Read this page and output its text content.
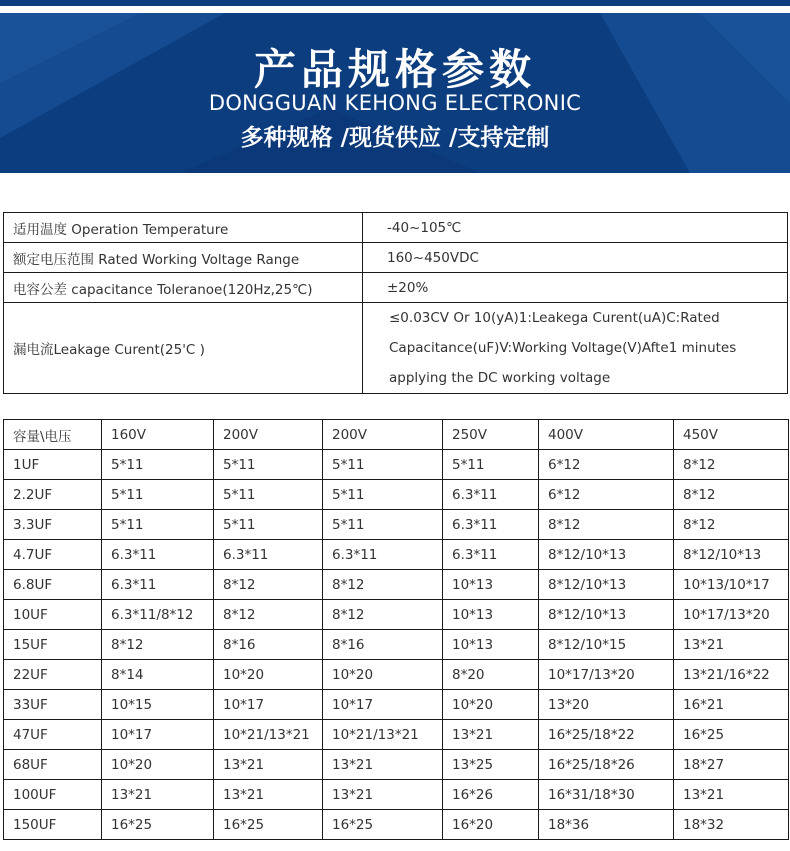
产品规格参数
DONGGUAN KEHONG ELECTRONIC
多种规格 /现货供应 /支持定制
适用温度 Operation Temperature	-40~105℃
额定电压范围 Rated Working Voltage Range	160~450VDC
电容公差 capacitance Toleranoe(120Hz,25℃)	±20%
漏电流Leakage Curent(25'C )	≤0.03CV Or 10(yA)1:Leakega Curent(uA)C:Rated Capacitance(uF)V:Working Voltage(V)Afte1 minutes applying the DC working voltage
容量\电压	160V	200V	200V	250V	400V	450V
1UF	5*11	5*11	5*11	5*11	6*12	8*12
2.2UF	5*11	5*11	5*11	6.3*11	6*12	8*12
3.3UF	5*11	5*11	5*11	6.3*11	8*12	8*12
4.7UF	6.3*11	6.3*11	6.3*11	6.3*11	8*12/10*13	8*12/10*13
6.8UF	6.3*11	8*12	8*12	10*13	8*12/10*13	10*13/10*17
10UF	6.3*11/8*12	8*12	8*12	10*13	8*12/10*13	10*17/13*20
15UF	8*12	8*16	8*16	10*13	8*12/10*15	13*21
22UF	8*14	10*20	10*20	8*20	10*17/13*20	13*21/16*22
33UF	10*15	10*17	10*17	10*20	13*20	16*21
47UF	10*17	10*21/13*21	10*21/13*21	13*21	16*25/18*22	16*25
68UF	10*20	13*21	13*21	13*25	16*25/18*26	18*27
100UF	13*21	13*21	13*21	16*26	16*31/18*30	13*21
150UF	16*25	16*25	16*25	16*20	18*36	18*32
